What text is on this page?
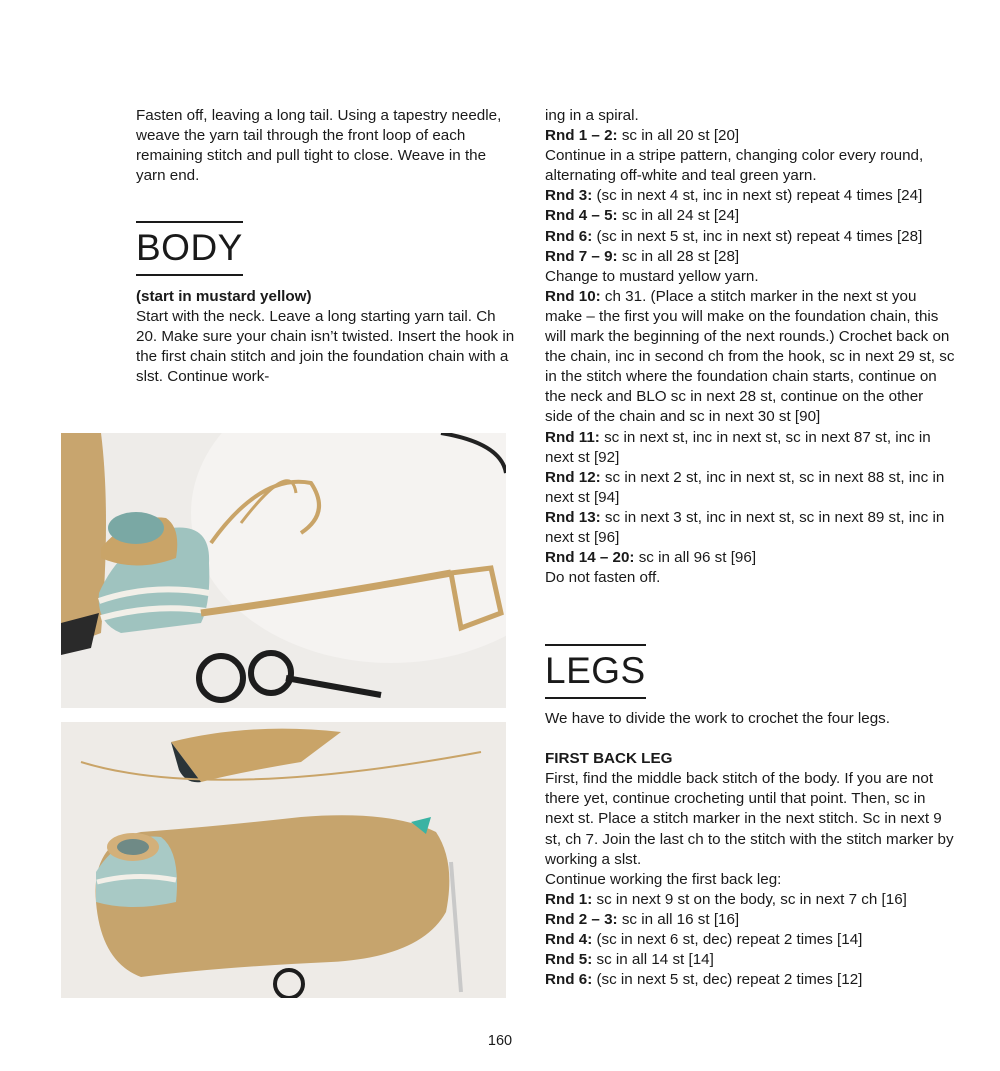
Fasten off, leaving a long tail. Using a tapestry needle, weave the yarn tail through the front loop of each remaining stitch and pull tight to close. Weave in the yarn end.

BODY

(start in mustard yellow)

Start with the neck. Leave a long starting yarn tail. Ch 20. Make sure your chain isn’t twisted. Insert the hook in the first chain stitch and join the foundation chain with a slst. Continue work-

ing in a spiral.

Rnd 1 – 2: sc in all 20 st [20]

Continue in a stripe pattern, changing color every round, alternating off-white and teal green yarn.

Rnd 3: (sc in next 4 st, inc in next st) repeat 4 times [24]

Rnd 4 – 5: sc in all 24 st [24]

Rnd 6: (sc in next 5 st, inc in next st) repeat 4 times [28]

Rnd 7 – 9: sc in all 28 st [28]

Change to mustard yellow yarn.

Rnd 10: ch 31. (Place a stitch marker in the next st you make – the first you will make on the foundation chain, this will mark the beginning of the next rounds.) Crochet back on the chain, inc in second ch from the hook, sc in next 29 st, sc in the stitch where the foundation chain starts, continue on the neck and BLO sc in next 28 st, continue on the other side of the chain and sc in next 30 st [90]

Rnd 11: sc in next st, inc in next st, sc in next 87 st, inc in next st [92]

Rnd 12: sc in next 2 st, inc in next st, sc in next 88 st, inc in next st [94]

Rnd 13: sc in next 3 st, inc in next st, sc in next 89 st, inc in next st [96]

Rnd 14 – 20: sc in all 96 st [96]

Do not fasten off.

LEGS

We have to divide the work to crochet the four legs.

FIRST BACK LEG

First, find the middle back stitch of the body. If you are not there yet, continue crocheting until that point. Then, sc in next st. Place a stitch marker in the next stitch. Sc in next 9 st, ch 7. Join the last ch to the stitch with the stitch marker by working a slst.

Continue working the first back leg:

Rnd 1: sc in next 9 st on the body, sc in next 7 ch [16]

Rnd 2 – 3: sc in all 16 st [16]

Rnd 4: (sc in next 6 st, dec) repeat 2 times [14]

Rnd 5: sc in all 14 st [14]

Rnd 6: (sc in next 5 st, dec) repeat 2 times [12]

160
